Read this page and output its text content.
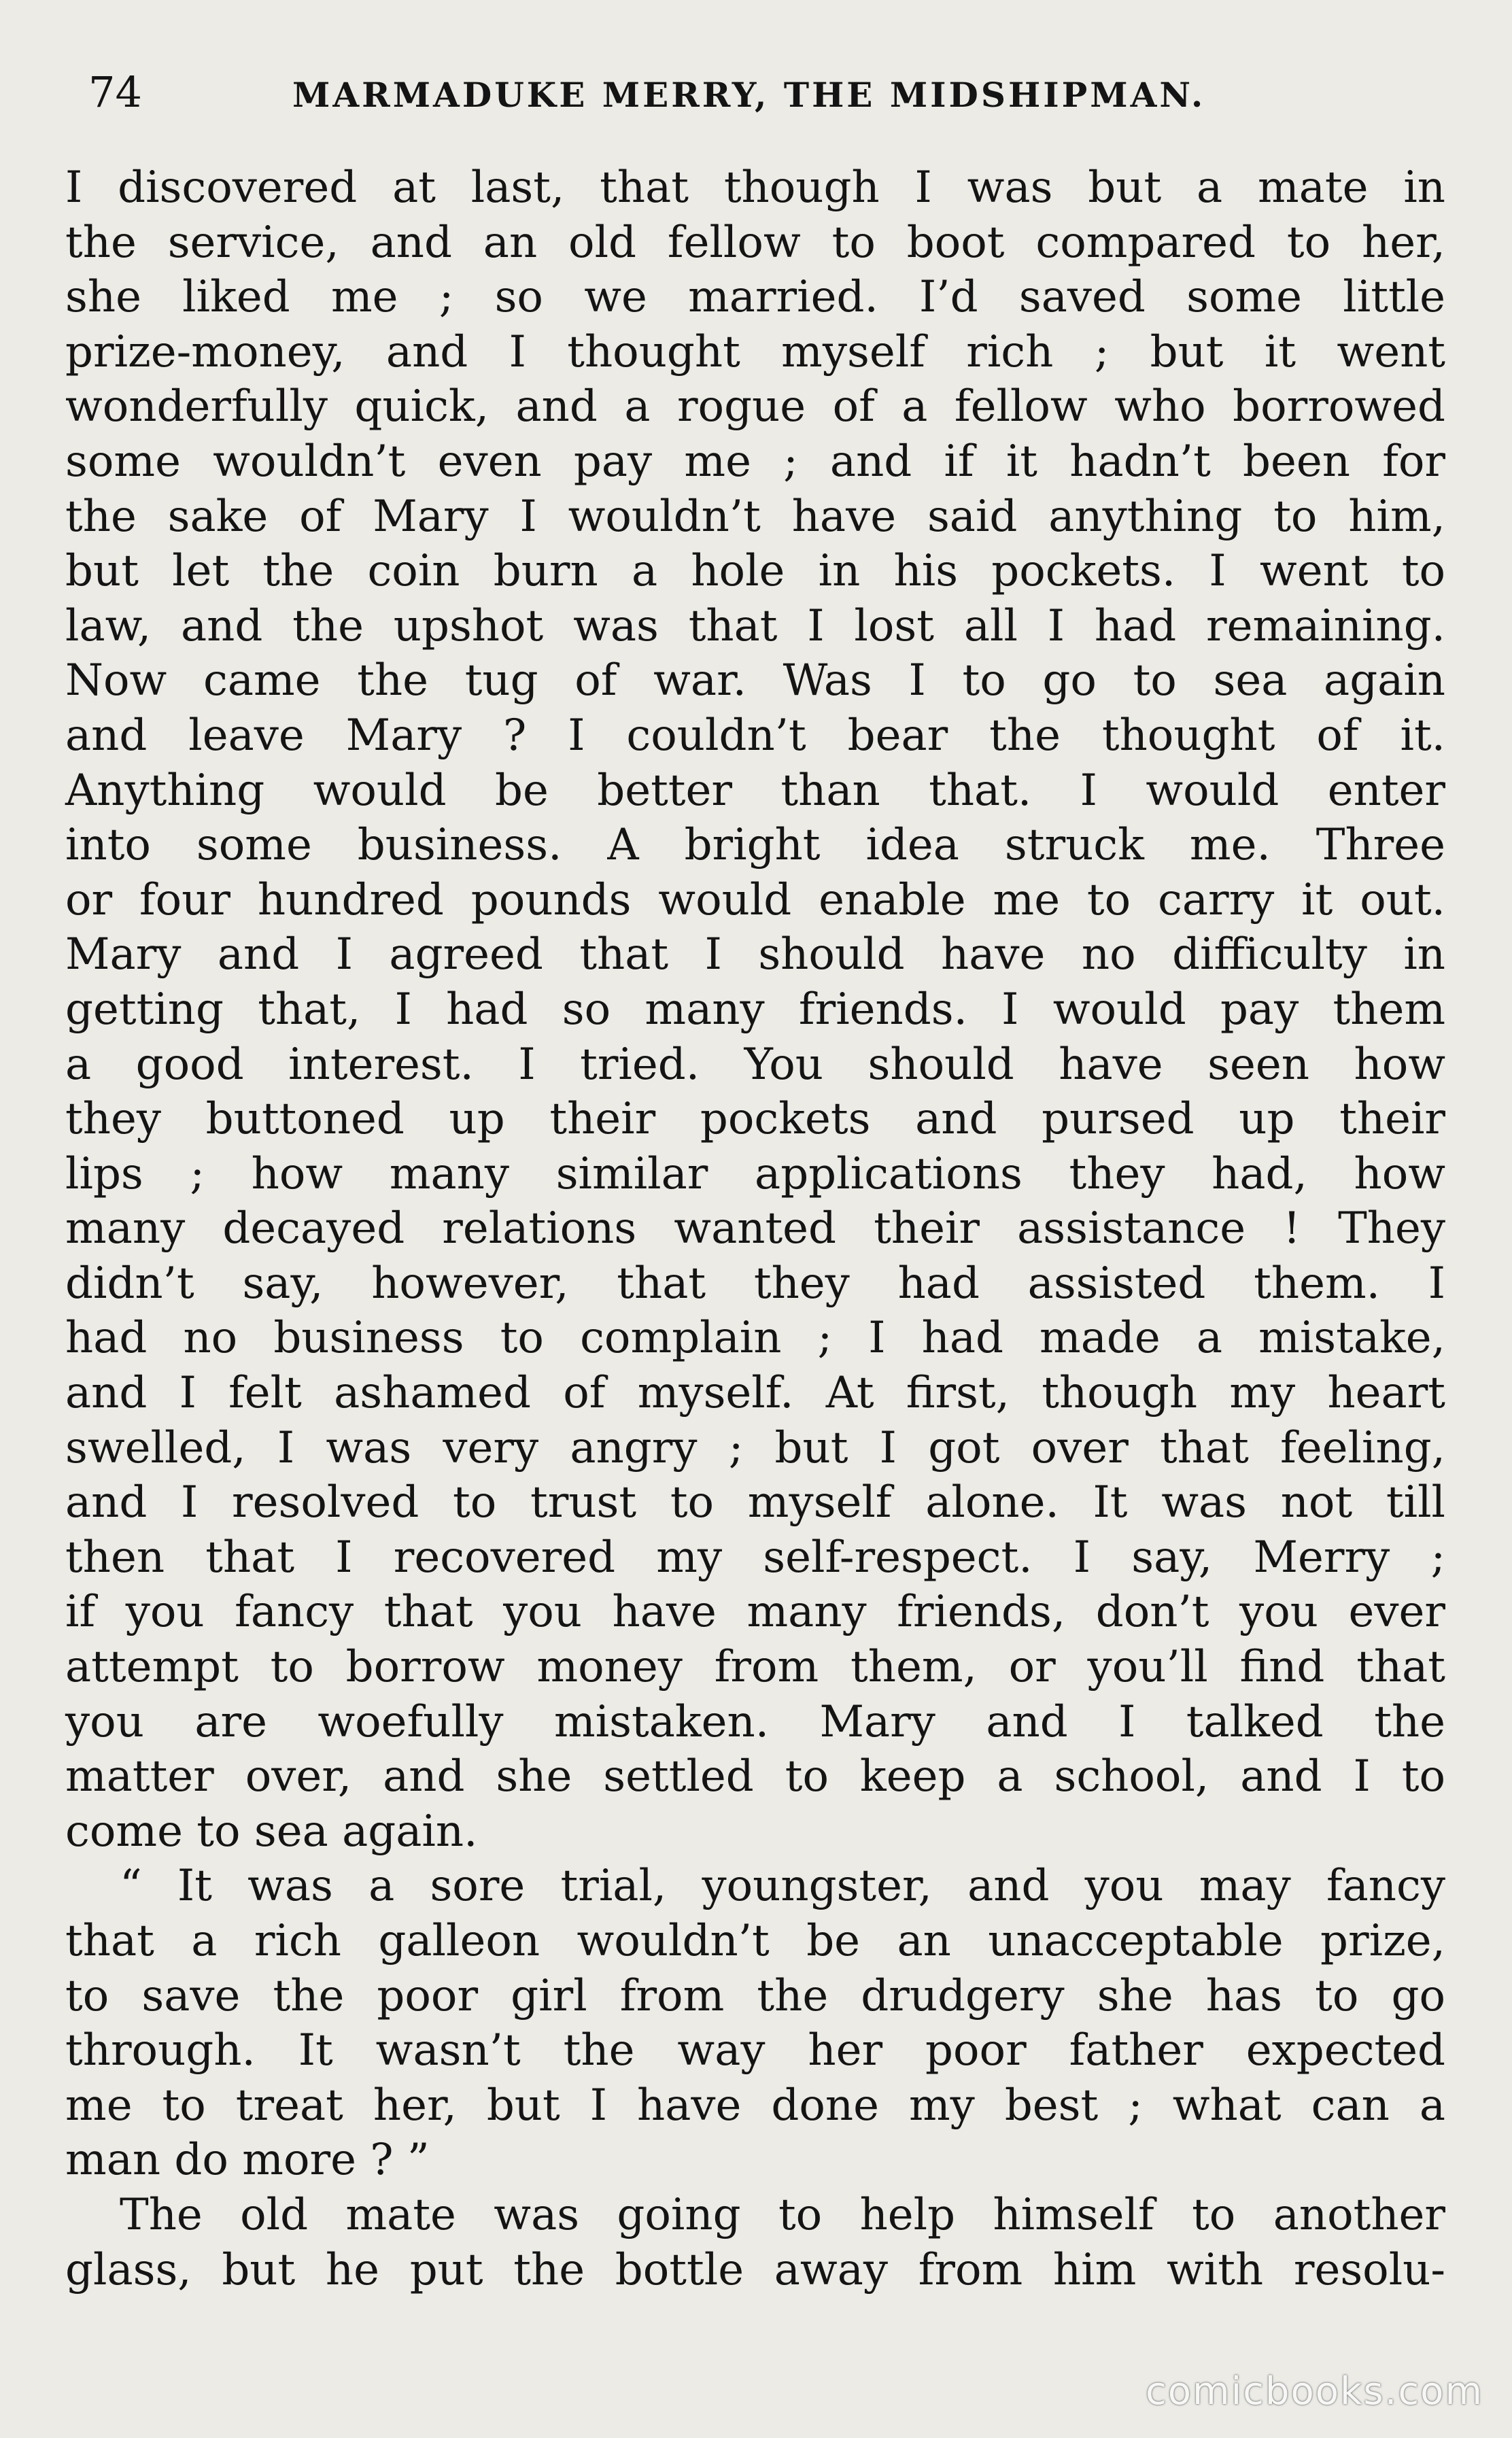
74	MARMADUKE MERRY, THE MIDSHIPMAN.
I discovered at last, that though I was but a mate in
the service, and an old fellow to boot compared to her,
she liked me ; so we married. I’d saved some little
prize-money, and I thought myself rich ; but it went
wonderfully quick, and a rogue of a fellow who borrowed
some wouldn’t even pay me ; and if it hadn’t been for
the sake of Mary I wouldn’t have said anything to him,
but let the coin burn a hole in his pockets. I went to
law, and the upshot was that I lost all I had remaining.
Now came the tug of war. Was I to go to sea again
and leave Mary ? I couldn’t bear the thought of it.
Anything would be better than that. I would enter
into some business. A bright idea struck me. Three
or four hundred pounds would enable me to carry it out.
Mary and I agreed that I should have no difficulty in
getting that, I had so many friends. I would pay them
a good interest. I tried. You should have seen how
they buttoned up their pockets and pursed up their
lips ; how many similar applications they had, how
many decayed relations wanted their assistance ! They
didn’t say, however, that they had assisted them. I
had no business to complain ; I had made a mistake,
and I felt ashamed of myself. At first, though my heart
swelled, I was very angry ; but I got over that feeling,
and I resolved to trust to myself alone. It was not till
then that I recovered my self-respect. I say, Merry ;
if you fancy that you have many friends, don’t you ever
attempt to borrow money from them, or you’ll find that
you are woefully mistaken. Mary and I talked the
matter over, and she settled to keep a school, and I to
come to sea again.
“ It was a sore trial, youngster, and you may fancy
that a rich galleon wouldn’t be an unacceptable prize,
to save the poor girl from the drudgery she has to go
through. It wasn’t the way her poor father expected
me to treat her, but I have done my best ; what can a
man do more ? ”
The old mate was going to help himself to another
glass, but he put the bottle away from him with resolu-
comicbooks.com
